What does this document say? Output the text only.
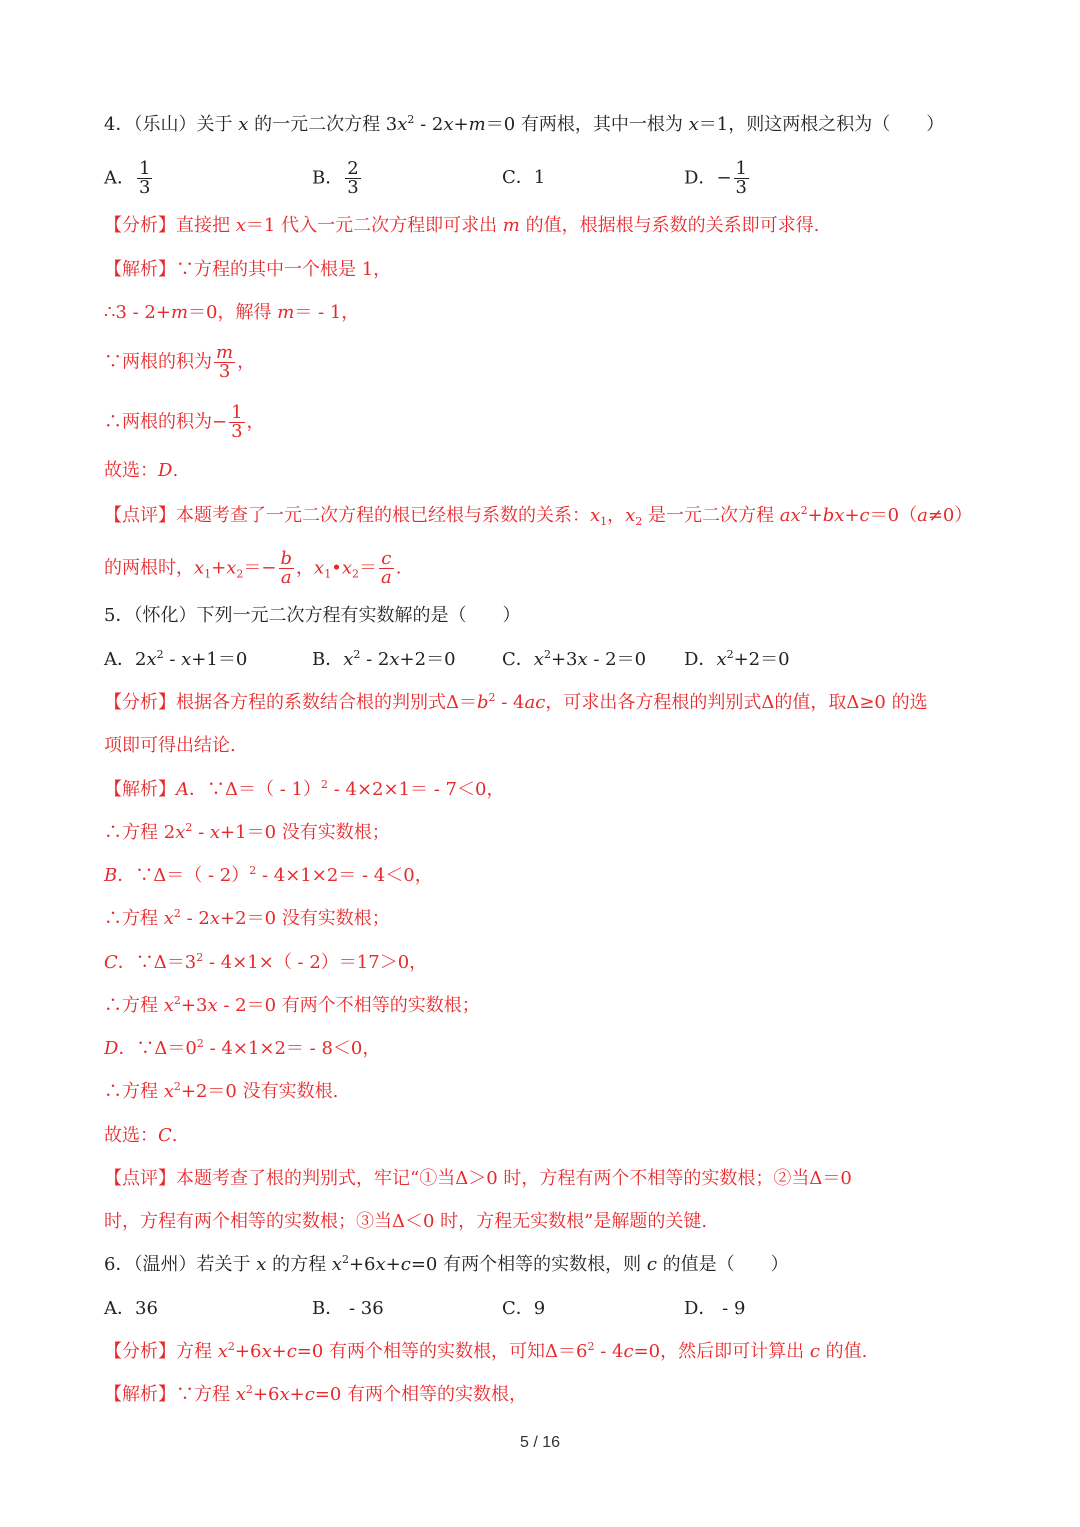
4．（乐山）关于 x 的一元二次方程 $3x^2 - 2x+m=0$ 有两根，其中一根为 x＝1，则这两根之积为（　　）
A． $\frac{1}{3}$	B． $\frac{2}{3}$	C．1	D．− $\frac{1}{3}$
【分析】直接把 x＝1 代入一元二次方程即可求出 m 的值，根据根与系数的关系即可求得.
【解析】∵方程的其中一个根是 1，
∴3 - 2+m＝0，解得 m＝ - 1，
∵两根的积为 $\frac{m}{3}$ ，
∴两根的积为− $\frac{1}{3}$ ，
故选：D.
【点评】本题考查了一元二次方程的根已经根与系数的关系：$x_1$，$x_2$ 是一元二次方程 $ax^2+bx+c=0(a\ne 0)$
的两根时，$x_1+x_2=- \frac{b}{a}$ ，$x_1•x_2= \frac{c}{a}$ .
5．（怀化）下列一元二次方程有实数解的是（　　）
A．$2x^2 - x+1=0$	B．$x^2 - 2x+2=0$	C．$x^2+3x - 2=0$ D．$x^2+2=0$
【分析】根据各方程的系数结合根的判别式$\Delta=b^2 - 4ac$，可求出各方程根的判别式Δ的值，取Δ≥0 的选
项即可得出结论.
【解析】A．∵Δ＝（ - 1）$^2$ - 4×2×1＝ - 7＜0，
∴方程 $2x^2 - x+1=0$ 没有实数根；
B．∵Δ＝（ - 2）$^2$ - 4×1×2＝ - 4＜0，
∴方程 $x^2 - 2x+2=0$ 没有实数根；
C．$\because\Delta=3^2 - 4\times 1\times( - 2)=17>0$，
∴方程 $x^2+3x - 2=0$ 有两个不相等的实数根；
D．$\because\Delta=0^2 - 4\times 1\times 2= - 8<0$，
∴方程 $x^2+2=0$ 没有实数根.
故选：C.
【点评】本题考查了根的判别式，牢记“①当Δ＞0 时，方程有两个不相等的实数根；②当Δ＝0
时，方程有两个相等的实数根；③当Δ＜0 时，方程无实数根”是解题的关键.
6．（温州）若关于 x 的方程 $x^2+6x+c=0$ 有两个相等的实数根，则 c 的值是（　　）
A．36	B． - 36	C．9	D． - 9
【分析】方程 $x^2+6x+c=0$ 有两个相等的实数根，可知$\Delta=6^2 - 4c=0$，然后即可计算出 c 的值.
【解析】∵方程 $x^2+6x+c=0$ 有两个相等的实数根，
5 / 16
